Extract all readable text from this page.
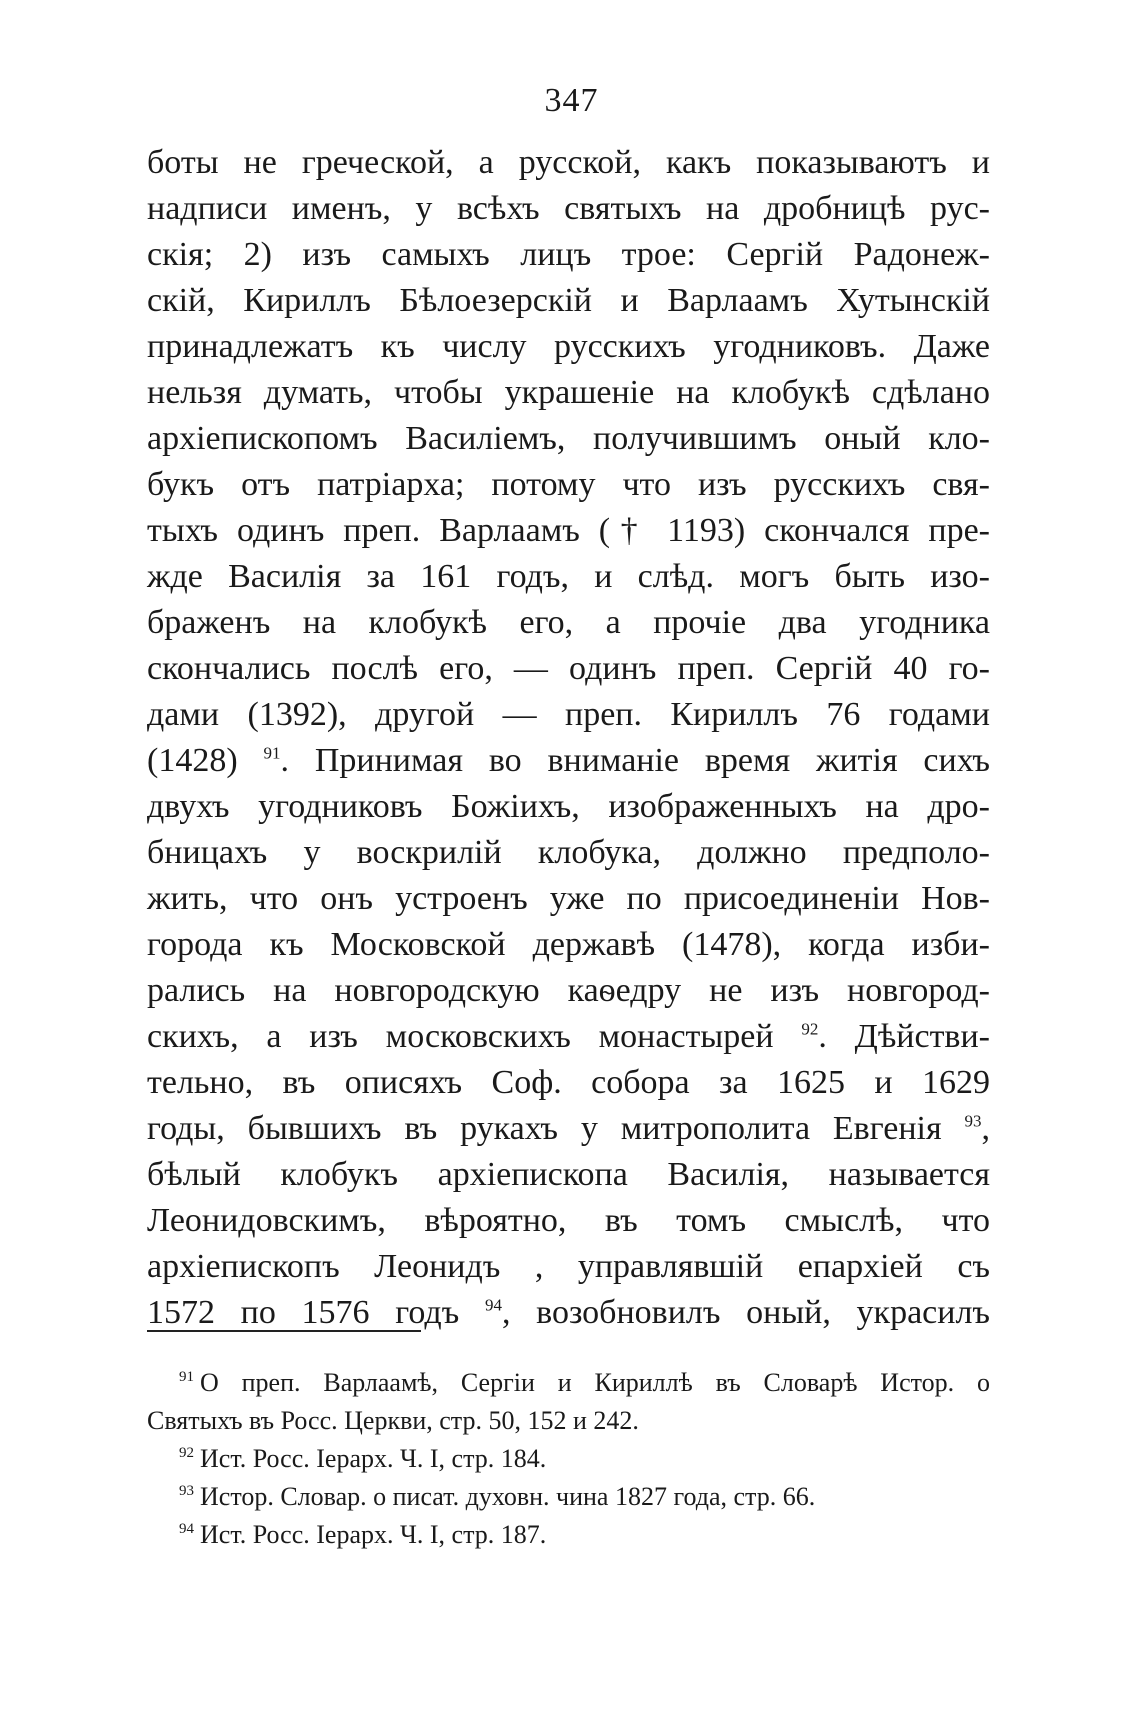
347
боты не греческой, а русской, какъ показываютъ и
надписи именъ, у всѣхъ святыхъ на дробницѣ рус-
скія; 2) изъ самыхъ лицъ трое: Сергій Радонеж-
скій, Кириллъ Бѣлоезерскій и Варлаамъ Хутынскій
принадлежатъ къ числу русскихъ угодниковъ. Даже
нельзя думать, чтобы украшеніе на клобукѣ сдѣлано
архіепископомъ Василіемъ, получившимъ оный кло-
букъ отъ патріарха; потому что изъ русскихъ свя-
тыхъ одинъ преп. Варлаамъ († 1193) скончался пре-
жде Василія за 161 годъ, и слѣд. могъ быть изо-
браженъ на клобукѣ его, а прочіе два угодника
скончались послѣ его, — одинъ преп. Сергій 40 го-
дами (1392), другой — преп. Кириллъ 76 годами
(1428) $^{91}$. Принимая во вниманіе время житія сихъ
двухъ угодниковъ Божіихъ, изображенныхъ на дро-
бницахъ у воскрилій клобука, должно предполо-
жить, что онъ устроенъ уже по присоединеніи Нов-
города къ Московской державѣ (1478), когда изби-
рались на новгородскую каѳедру не изъ новгород-
скихъ, а изъ московскихъ монастырей $^{92}$. Дѣйстви-
тельно, въ описяхъ Соф. собора за 1625 и 1629
годы, бывшихъ въ рукахъ у митрополита Евгенія $^{93}$,
бѣлый клобукъ архіепископа Василія, называется
Леонидовскимъ, вѣроятно, въ томъ смыслѣ, что
архіепископъ Леонидъ , управлявшій епархіей съ
1572 по 1576 годъ $^{94}$, возобновилъ оный, украсилъ
$^{91}$ О преп. Варлаамѣ, Сергіи и Кириллѣ въ Словарѣ Истор. о
Святыхъ въ Росс. Церкви, стр. 50, 152 и 242.
$^{92}$ Ист. Росс. Іерарх. Ч. I, стр. 184.
$^{93}$ Истор. Словар. о писат. духовн. чина 1827 года, стр. 66.
$^{94}$ Ист. Росс. Іерарх. Ч. I, стр. 187.
